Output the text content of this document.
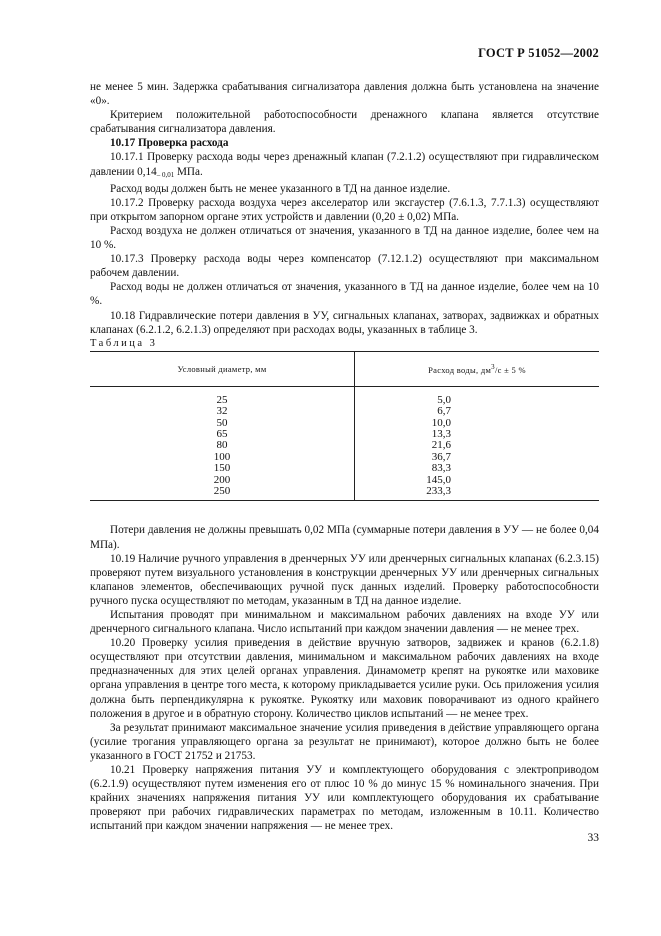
ГОСТ Р 51052—2002

не менее 5 мин. Задержка срабатывания сигнализатора давления должна быть установлена на значение «0».

Критерием положительной работоспособности дренажного клапана является отсутствие срабатывания сигнализатора давления.

10.17 Проверка расхода

10.17.1 Проверку расхода воды через дренажный клапан (7.2.1.2) осуществляют при гидравлическом давлении $0,14_{- 0,01}$ МПа.

Расход воды должен быть не менее указанного в ТД на данное изделие.

10.17.2 Проверку расхода воздуха через акселератор или эксгаустер (7.6.1.3, 7.7.1.3) осуществляют при открытом запорном органе этих устройств и давлении (0,20 ± 0,02) МПа.

Расход воздуха не должен отличаться от значения, указанного в ТД на данное изделие, более чем на 10 %.

10.17.3 Проверку расхода воды через компенсатор (7.12.1.2) осуществляют при максимальном рабочем давлении.

Расход воды не должен отличаться от значения, указанного в ТД на данное изделие, более чем на 10 %.

10.18 Гидравлические потери давления в УУ, сигнальных клапанах, затворах, задвижках и обратных клапанах (6.2.1.2, 6.2.1.3) определяют при расходах воды, указанных в таблице 3.

Таблица 3

Условный диаметр, мм	Расход воды, $дм^3/с \pm 5$ %
25	5,0
32	6,7
50	10,0
65	13,3
80	21,6
100	36,7
150	83,3
200	145,0
250	233,3

Потери давления не должны превышать 0,02 МПа (суммарные потери давления в УУ — не более 0,04 МПа).

10.19 Наличие ручного управления в дренчерных УУ или дренчерных сигнальных клапанах (6.2.3.15) проверяют путем визуального установления в конструкции дренчерных УУ или дренчерных сигнальных клапанов элементов, обеспечивающих ручной пуск данных изделий. Проверку работоспособности ручного пуска осуществляют по методам, указанным в ТД на данное изделие.

Испытания проводят при минимальном и максимальном рабочих давлениях на входе УУ или дренчерного сигнального клапана. Число испытаний при каждом значении давления — не менее трех.

10.20 Проверку усилия приведения в действие вручную затворов, задвижек и кранов (6.2.1.8) осуществляют при отсутствии давления, минимальном и максимальном рабочих давлениях на входе предназначенных для этих целей органах управления. Динамометр крепят на рукоятке или маховике органа управления в центре того места, к которому прикладывается усилие руки. Ось приложения усилия должна быть перпендикулярна к рукоятке. Рукоятку или маховик поворачивают из одного крайнего положения в другое и в обратную сторону. Количество циклов испытаний — не менее трех.

За результат принимают максимальное значение усилия приведения в действие управляющего органа (усилие трогания управляющего органа за результат не принимают), которое должно быть не более указанного в ГОСТ 21752 и 21753.

10.21 Проверку напряжения питания УУ и комплектующего оборудования с электроприводом (6.2.1.9) осуществляют путем изменения его от плюс 10 % до минус 15 % номинального значения. При крайних значениях напряжения питания УУ или комплектующего оборудования их срабатывание проверяют при рабочих гидравлических параметрах по методам, изложенным в 10.11. Количество испытаний при каждом значении напряжения — не менее трех.

33
